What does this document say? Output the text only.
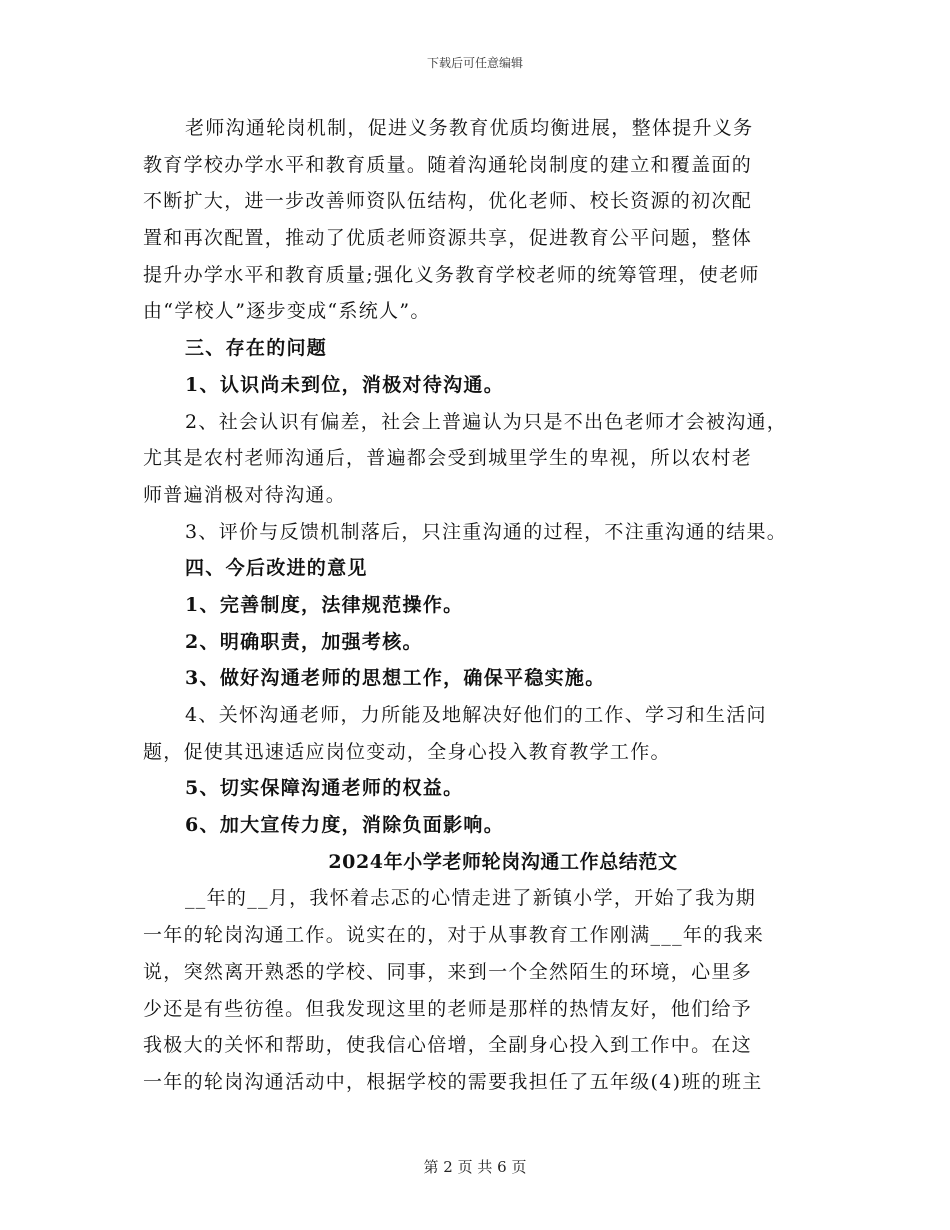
下载后可任意编辑
老师沟通轮岗机制，促进义务教育优质均衡进展，整体提升义务
教育学校办学水平和教育质量。随着沟通轮岗制度的建立和覆盖面的
不断扩大，进一步改善师资队伍结构，优化老师、校长资源的初次配
置和再次配置，推动了优质老师资源共享，促进教育公平问题，整体
提升办学水平和教育质量;强化义务教育学校老师的统筹管理，使老师
由“学校人”逐步变成“系统人”。
三、存在的问题
1、认识尚未到位，消极对待沟通。
2、社会认识有偏差，社会上普遍认为只是不出色老师才会被沟通，
尤其是农村老师沟通后，普遍都会受到城里学生的卑视，所以农村老
师普遍消极对待沟通。
3、评价与反馈机制落后，只注重沟通的过程，不注重沟通的结果。
四、今后改进的意见
1、完善制度，法律规范操作。
2、明确职责，加强考核。
3、做好沟通老师的思想工作，确保平稳实施。
4、关怀沟通老师，力所能及地解决好他们的工作、学习和生活问
题，促使其迅速适应岗位变动，全身心投入教育教学工作。
5、切实保障沟通老师的权益。
6、加大宣传力度，消除负面影响。
2024年小学老师轮岗沟通工作总结范文
__年的__月，我怀着忐忑的心情走进了新镇小学，开始了我为期
一年的轮岗沟通工作。说实在的，对于从事教育工作刚满___年的我来
说，突然离开熟悉的学校、同事，来到一个全然陌生的环境，心里多
少还是有些彷徨。但我发现这里的老师是那样的热情友好，他们给予
我极大的关怀和帮助，使我信心倍增，全副身心投入到工作中。在这
一年的轮岗沟通活动中，根据学校的需要我担任了五年级(4)班的班主
第 2 页 共 6 页
